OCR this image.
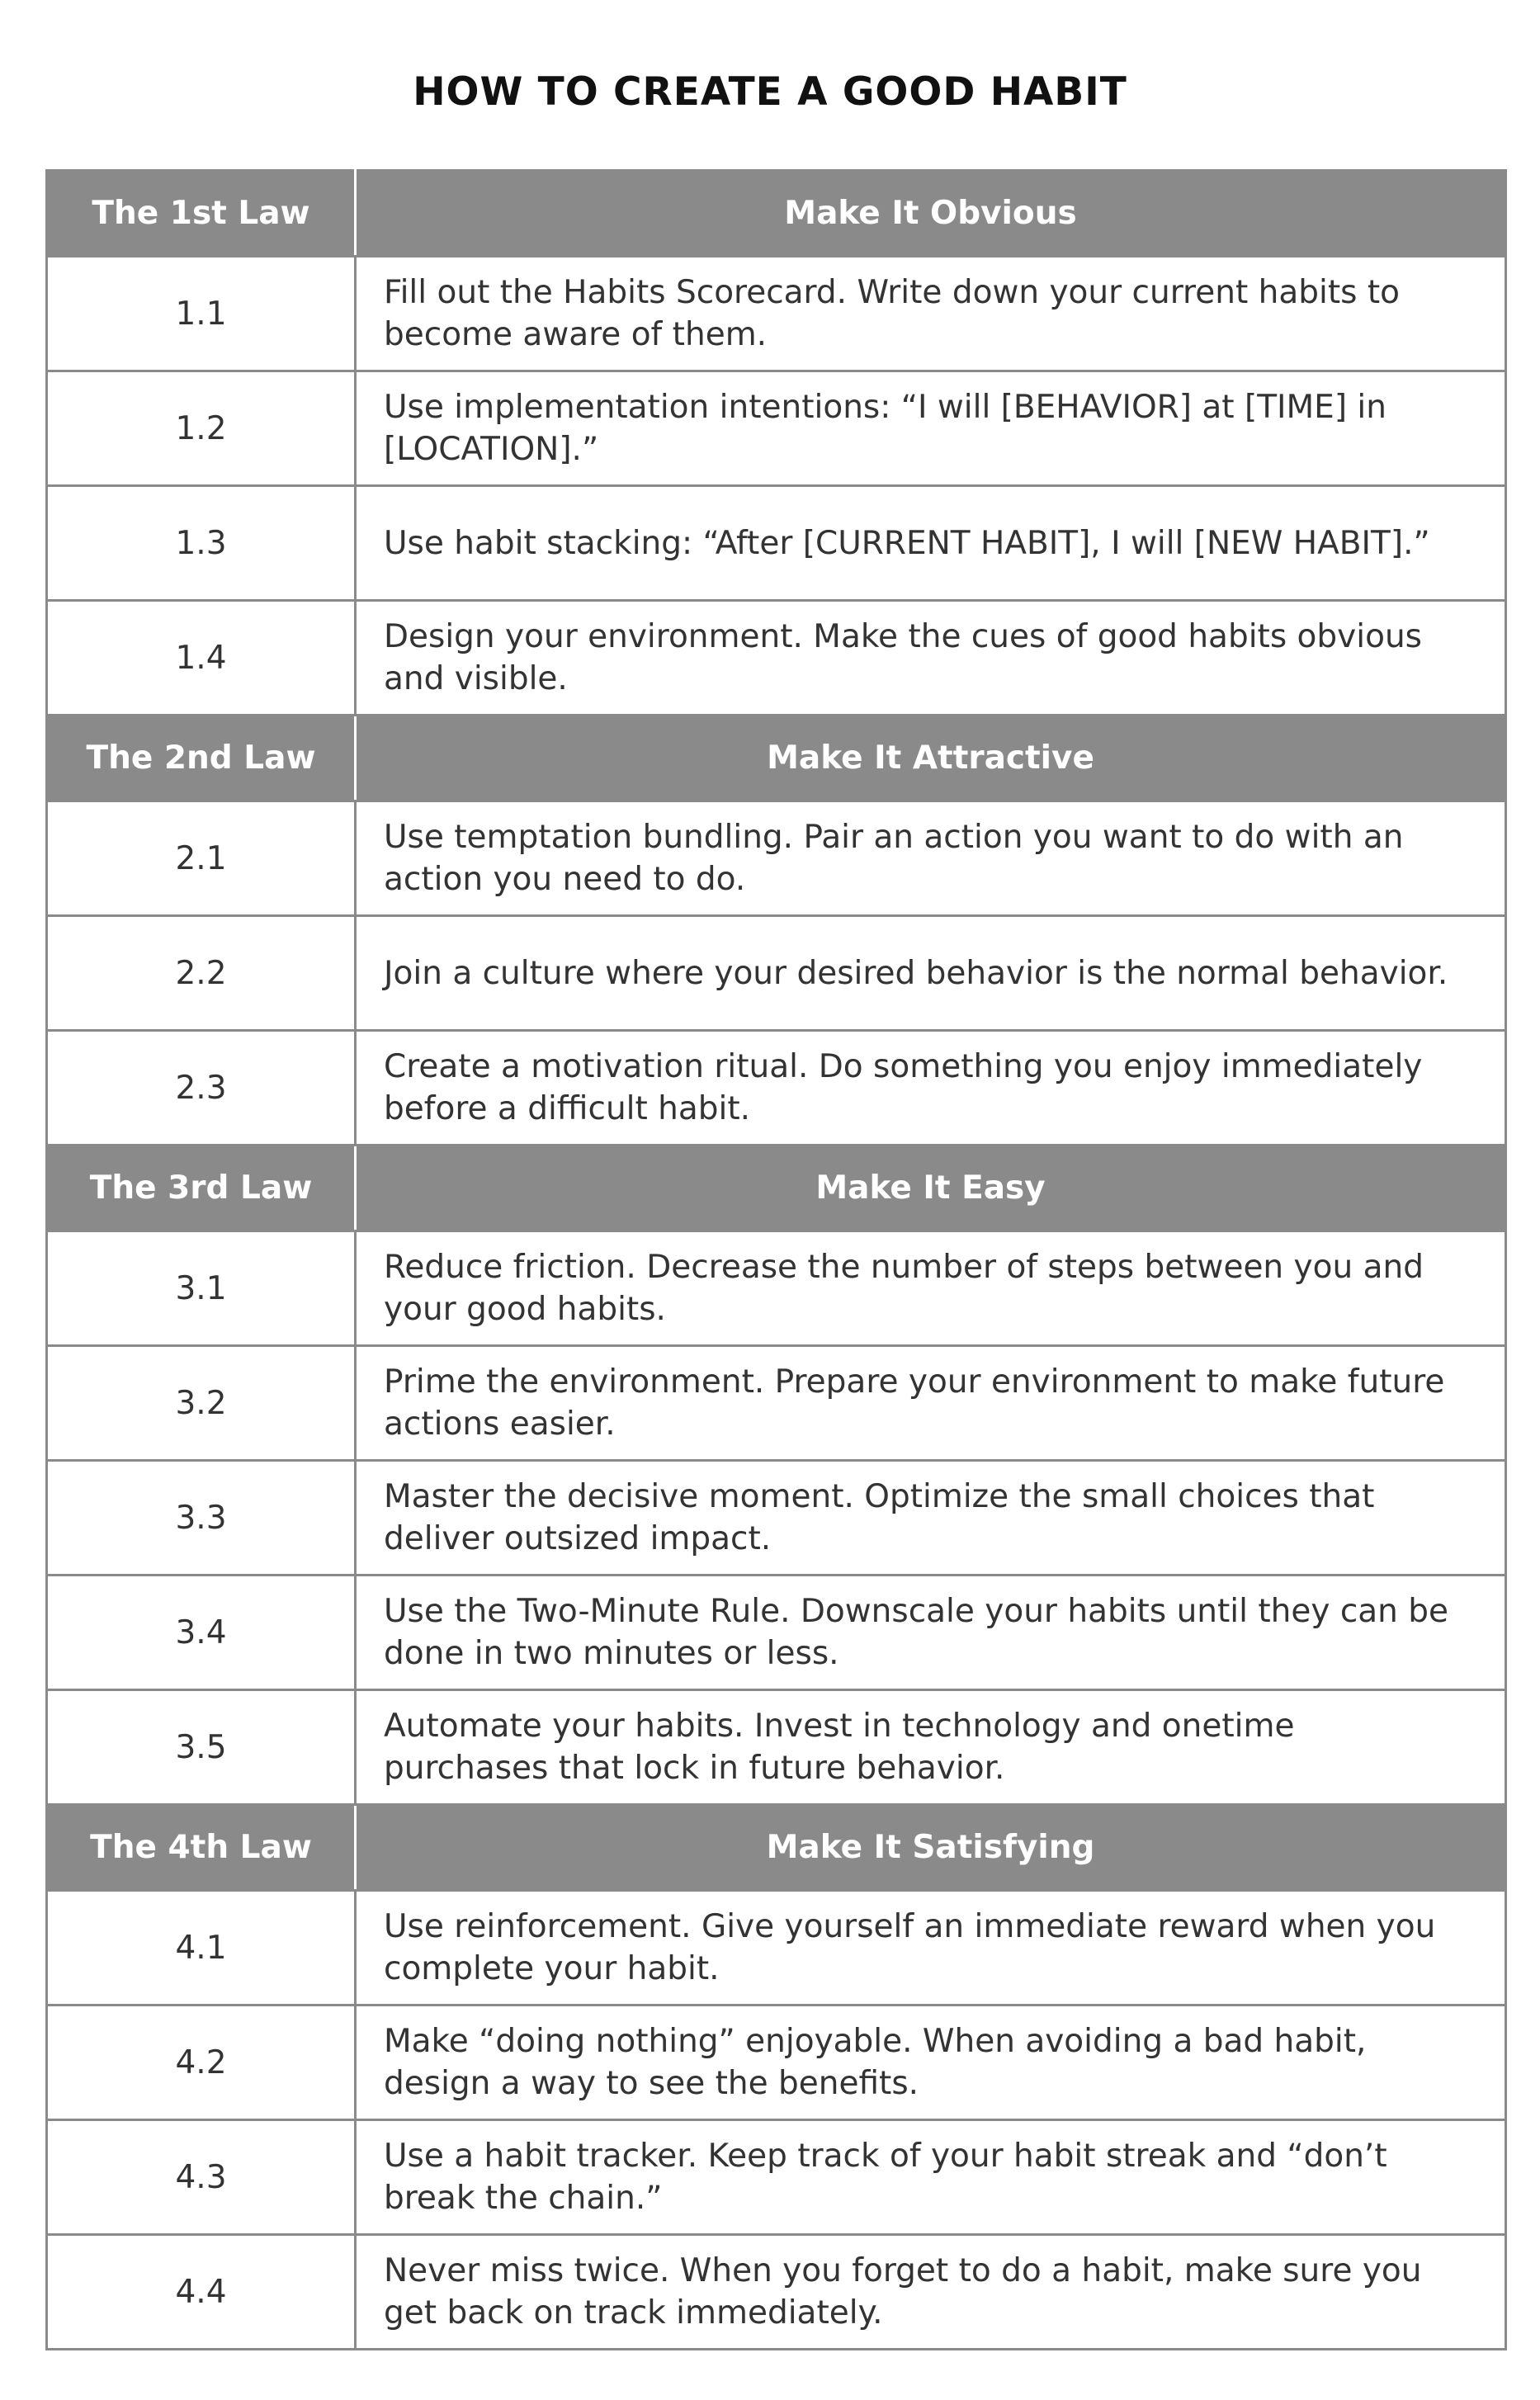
HOW TO CREATE A GOOD HABIT
The 1st Law	Make It Obvious
1.1	Fill out the Habits Scorecard. Write down your current habits to become aware of them.
1.2	Use implementation intentions: “I will [BEHAVIOR] at [TIME] in [LOCATION].”
1.3	Use habit stacking: “After [CURRENT HABIT], I will [NEW HABIT].”
1.4	Design your environment. Make the cues of good habits obvious and visible.
The 2nd Law	Make It Attractive
2.1	Use temptation bundling. Pair an action you want to do with an action you need to do.
2.2	Join a culture where your desired behavior is the normal behavior.
2.3	Create a motivation ritual. Do something you enjoy immediately before a difficult habit.
The 3rd Law	Make It Easy
3.1	Reduce friction. Decrease the number of steps between you and your good habits.
3.2	Prime the environment. Prepare your environment to make future actions easier.
3.3	Master the decisive moment. Optimize the small choices that deliver outsized impact.
3.4	Use the Two-Minute Rule. Downscale your habits until they can be done in two minutes or less.
3.5	Automate your habits. Invest in technology and onetime purchases that lock in future behavior.
The 4th Law	Make It Satisfying
4.1	Use reinforcement. Give yourself an immediate reward when you complete your habit.
4.2	Make “doing nothing” enjoyable. When avoiding a bad habit, design a way to see the benefits.
4.3	Use a habit tracker. Keep track of your habit streak and “don’t break the chain.”
4.4	Never miss twice. When you forget to do a habit, make sure you get back on track immediately.
